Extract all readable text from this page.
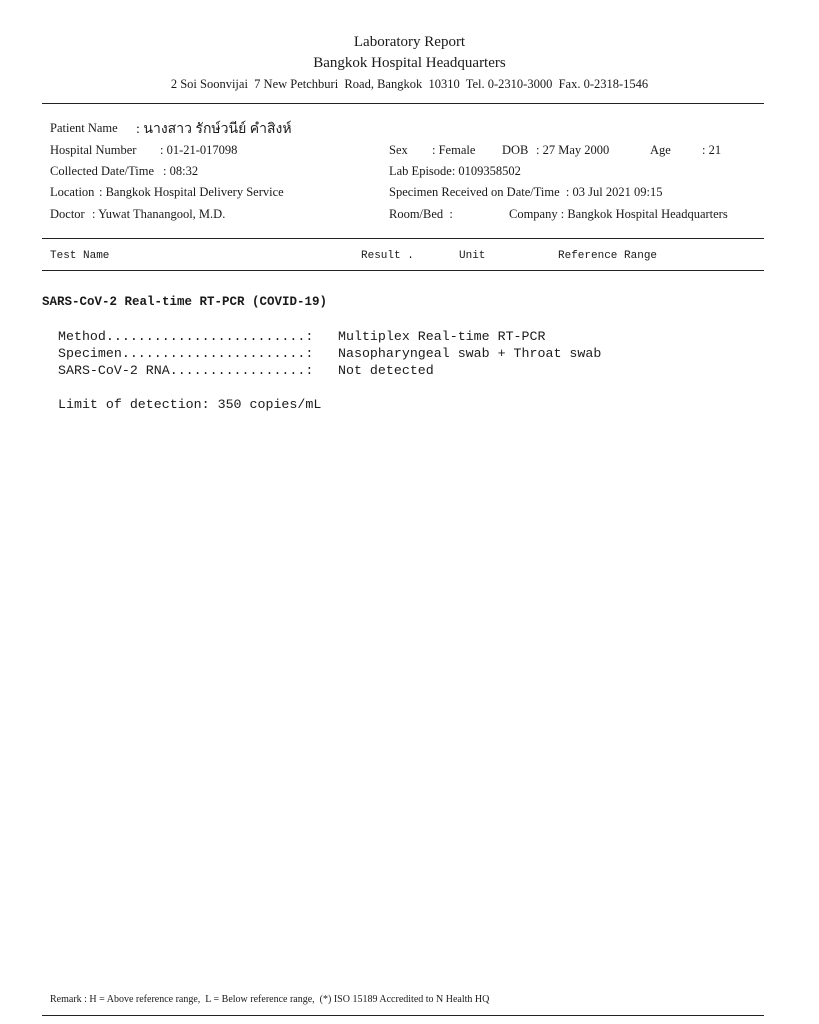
Laboratory Report
Bangkok Hospital Headquarters
2 Soi Soonvijai  7 New Petchburi  Road, Bangkok  10310  Tel. 0-2310-3000  Fax. 0-2318-1546
Patient Name : นางสาว รักษ์วนีย์ คำสิงห์
Hospital Number : 01-21-017098
Collected Date/Time : 08:32
Location : Bangkok Hospital Delivery Service
Doctor : Yuwat Thanangool, M.D.
Sex : Female DOB : 27 May 2000	Age : 21
Lab Episode: 0109358502
Specimen Received on Date/Time  : 03 Jul 2021 09:15
Room/Bed  :	Company : Bangkok Hospital Headquarters
Test Name	Result .	Unit	Reference Range
SARS-CoV-2 Real-time RT-PCR (COVID-19)
Method.........................: Multiplex Real-time RT-PCR
Specimen.......................: Nasopharyngeal swab + Throat swab
SARS-CoV-2 RNA.................: Not detected
Limit of detection: 350 copies/mL
Remark : H = Above reference range,  L = Below reference range,  (*) ISO 15189 Accredited to N Health HQ
